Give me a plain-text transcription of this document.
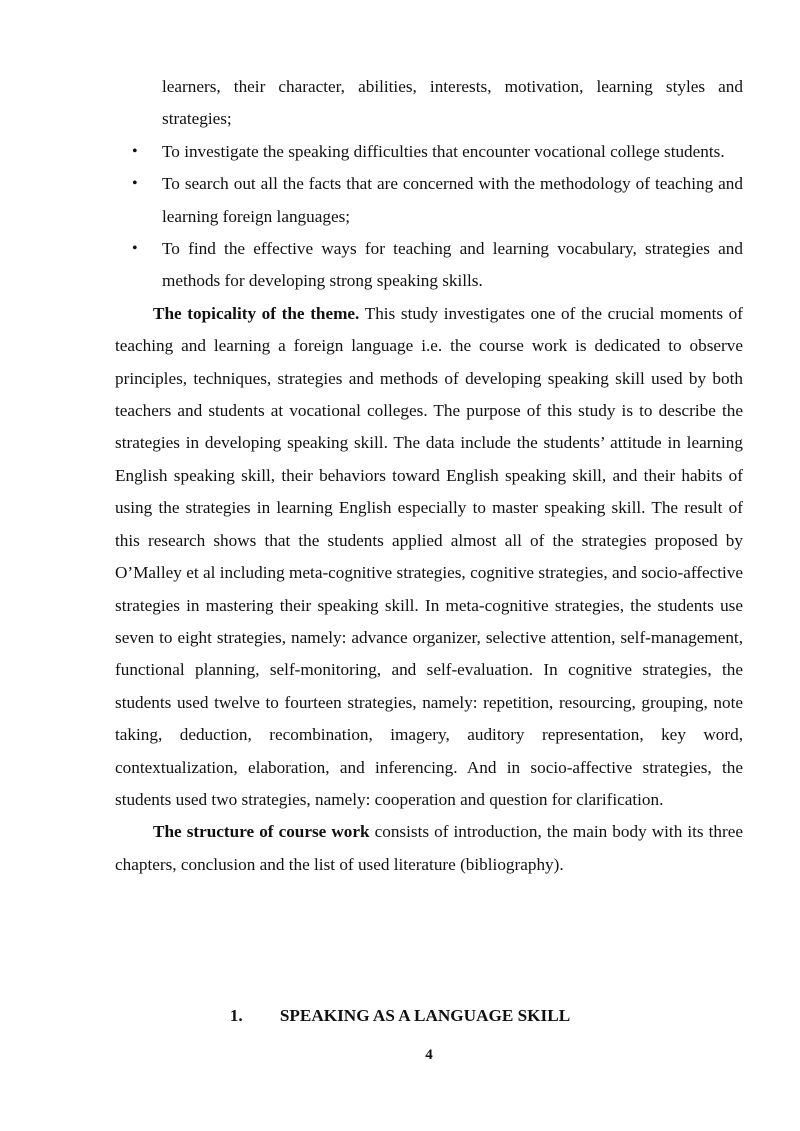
learners, their character, abilities, interests, motivation, learning styles and strategies;
• To investigate the speaking difficulties that encounter vocational college students.
• To search out all the facts that are concerned with the methodology of teaching and learning foreign languages;
• To find the effective ways for teaching and learning vocabulary, strategies and methods for developing strong speaking skills.
The topicality of the theme. This study investigates one of the crucial moments of teaching and learning a foreign language i.e. the course work is dedicated to observe principles, techniques, strategies and methods of developing speaking skill used by both teachers and students at vocational colleges. The purpose of this study is to describe the strategies in developing speaking skill. The data include the students’ attitude in learning English speaking skill, their behaviors toward English speaking skill, and their habits of using the strategies in learning English especially to master speaking skill. The result of this research shows that the students applied almost all of the strategies proposed by O’Malley et al including meta-cognitive strategies, cognitive strategies, and socio-affective strategies in mastering their speaking skill. In meta-cognitive strategies, the students use seven to eight strategies, namely: advance organizer, selective attention, self-management, functional planning, self-monitoring, and self-evaluation. In cognitive strategies, the students used twelve to fourteen strategies, namely: repetition, resourcing, grouping, note taking, deduction, recombination, imagery, auditory representation, key word, contextualization, elaboration, and inferencing. And in socio-affective strategies, the students used two strategies, namely: cooperation and question for clarification.
The structure of course work consists of introduction, the main body with its three chapters, conclusion and the list of used literature (bibliography).
1. SPEAKING AS A LANGUAGE SKILL
4
